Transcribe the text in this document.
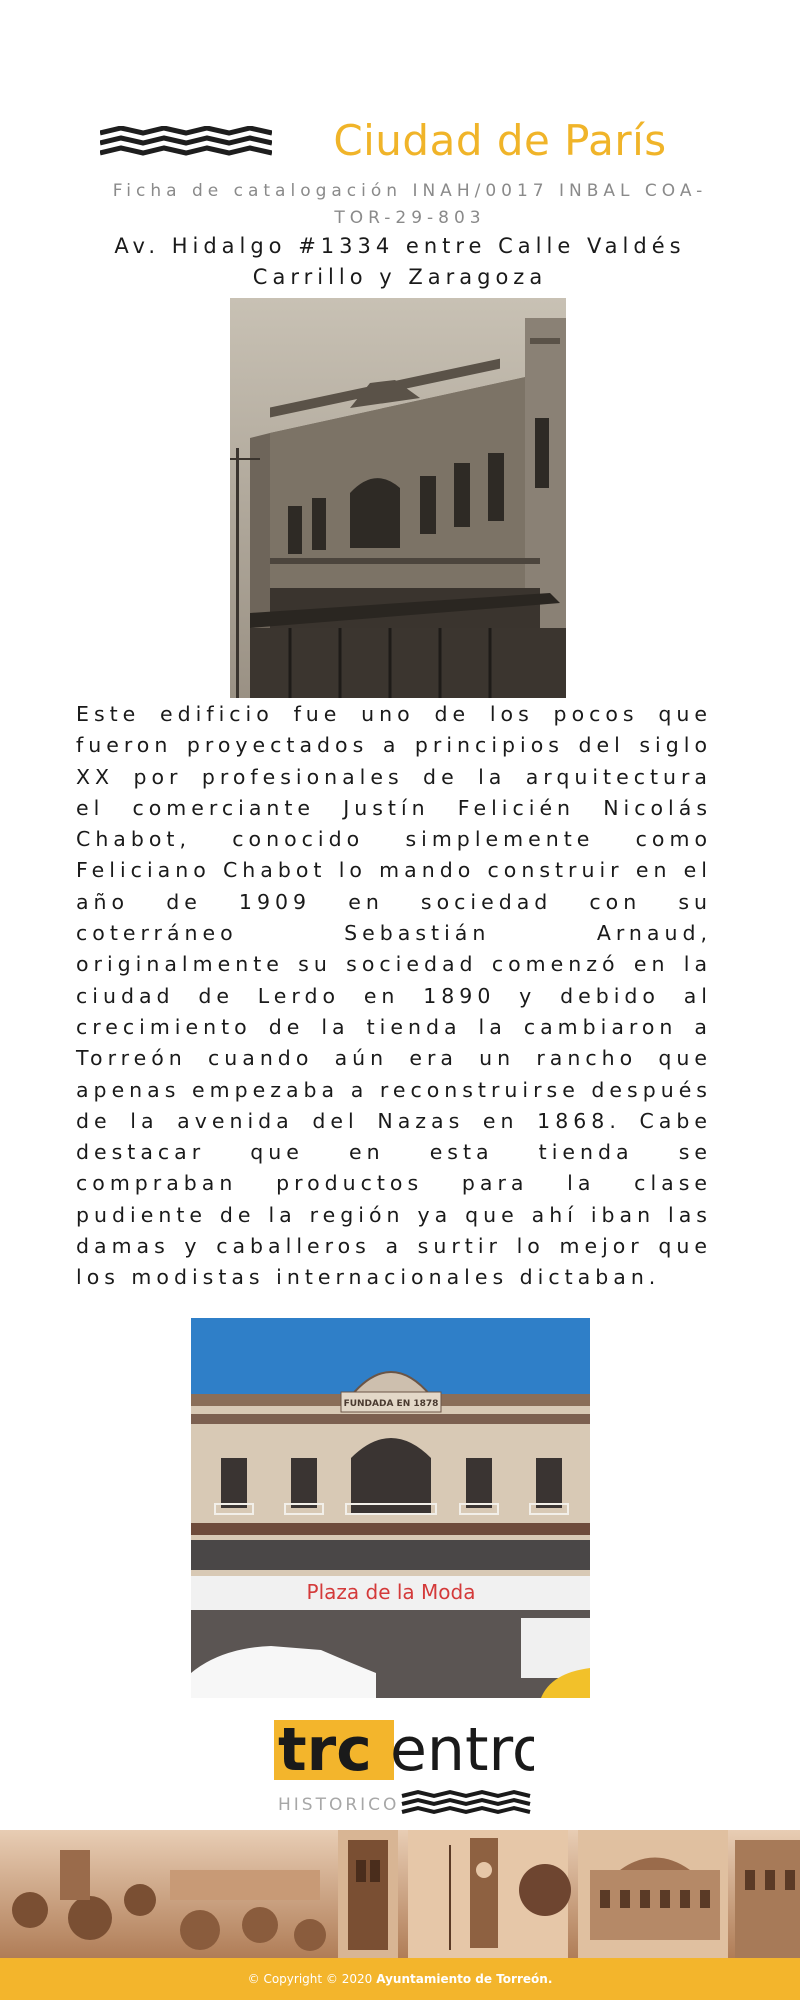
Ciudad de París
Ficha de catalogación INAH/0017 INBAL COA-TOR-29-803
Av. Hidalgo #1334 entre Calle Valdés Carrillo y Zaragoza

Este edificio fue uno de los pocos que fueron proyectados a principios del siglo XX por profesionales de la arquitectura el comerciante Justín Felicién Nicolás Chabot, conocido simplemente como Feliciano Chabot lo mando construir en el año de 1909 en sociedad con su coterráneo Sebastián Arnaud, originalmente su sociedad comenzó en la ciudad de Lerdo en 1890 y debido al crecimiento de la tienda la cambiaron a Torreón cuando aún era un rancho que apenas empezaba a reconstruirse después de la avenida del Nazas en 1868. Cabe destacar que en esta tienda se compraban productos para la clase pudiente de la región ya que ahí iban las damas y caballeros a surtir lo mejor que los modistas internacionales dictaban.

FUNDADA EN 1878
Plaza de la Moda
trc entro
HISTORICO
© Copyright © 2020 Ayuntamiento de Torreón.
